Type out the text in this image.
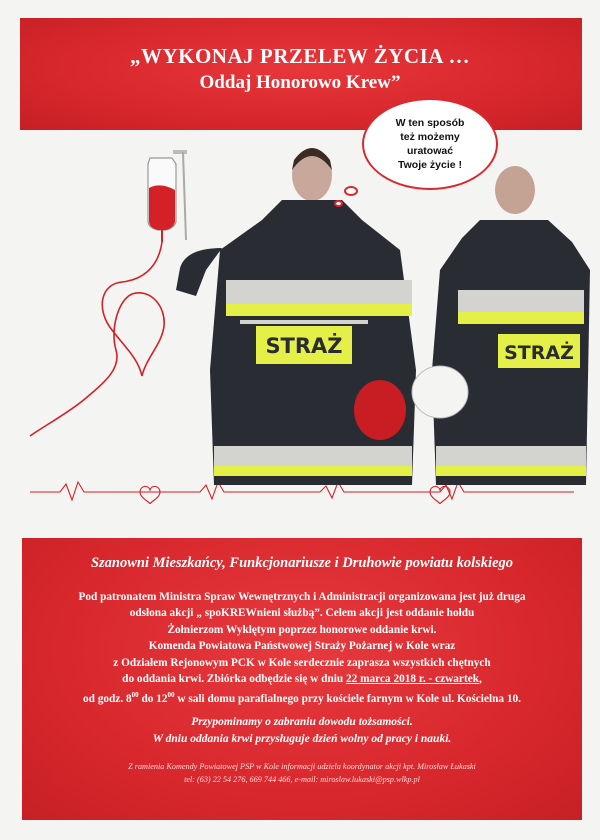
„WYKONAJ PRZELEW ŻYCIA …
Oddaj Honorowo Krew”
STRAŻ	STRAŻ
W ten sposób
też możemy
uratować
Twoje życie !
Szanowni Mieszkańcy, Funkcjonariusze i Druhowie powiatu kolskiego
Pod patronatem Ministra Spraw Wewnętrznych i Administracji organizowana jest już druga
odsłona akcji „ spoKREWnieni służbą”. Celem akcji jest oddanie hołdu
Żołnierzom Wyklętym poprzez honorowe oddanie krwi.
Komenda Powiatowa Państwowej Straży Pożarnej w Kole wraz
z Odziałem Rejonowym PCK w Kole serdecznie zaprasza wszystkich chętnych
do oddania krwi. Zbiórka odbędzie się w dniu 22 marca 2018 r. - czwartek,
od godz. $8^{00}$ do $12^{00}$ w sali domu parafialnego przy kościele farnym w Kole ul. Kościelna 10.
Przypominamy o zabraniu dowodu tożsamości.
W dniu oddania krwi przysługuje dzień wolny od pracy i nauki.
Z ramienia Komendy Powiatowej PSP w Kole informacji udziela koordynator akcji kpt. Mirosław Łukaski
tel: (63) 22 54 276, 669 744 466, e-mail: miroslaw.lukaski@psp.wlkp.pl
